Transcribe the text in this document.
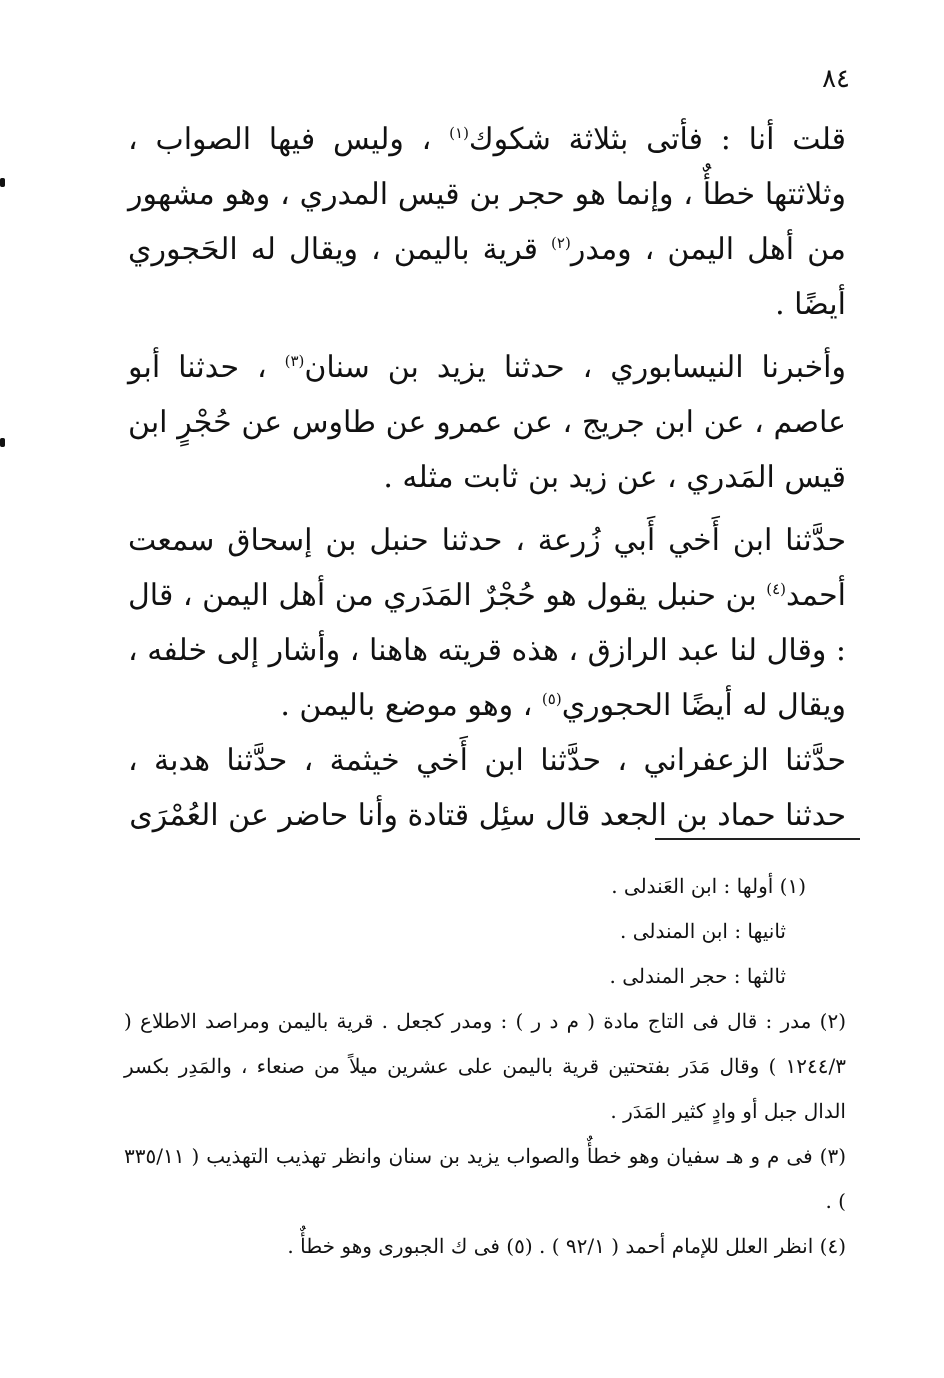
٨٤

قلت أنا : فأتى بثلاثة شكوك$^{(١)}$ ، وليس فيها الصواب ، وثلاثتها خطأٌ ، وإنما هو حجر بن قيس المدري ، وهو مشهور من أهل اليمن ، ومدر$^{(٢)}$ قرية باليمن ، ويقال له الحَجوري أيضًا .

وأخبرنا النيسابوري ، حدثنا يزيد بن سنان$^{(٣)}$ ، حدثنا أبو عاصم ، عن ابن جريج ، عن عمرو عن طاوس عن حُجْرٍ ابن قيس المَدري ، عن زيد بن ثابت مثله .

حدَّثنا ابن أَخي أَبي زُرعة ، حدثنا حنبل بن إسحاق سمعت أحمد$^{(٤)}$ بن حنبل يقول هو حُجْرٌ المَدَري من أهل اليمن ، قال : وقال لنا عبد الرازق ، هذه قريته هاهنا ، وأشار إلى خلفه ، ويقال له أيضًا الحجوري$^{(٥)}$ ، وهو موضع باليمن .

حدَّثنا الزعفراني ، حدَّثنا ابن أَخي خيثمة ، حدَّثنا هدبة ، حدثنا حماد بن الجعد قال سئِل قتادة وأنا حاضر عن العُمْرَى

(١) أولها : ابن العَندلى .

ثانيها : ابن المندلى .

ثالثها : حجر المندلى .

(٢) مدر : قال فى التاج مادة ( م د ر ) : ومدر كجعل . قرية باليمن ومراصد الاطلاع ( ١٢٤٤/٣ ) وقال مَدَر بفتحتين قرية باليمن على عشرين ميلاً من صنعاء ، والمَدِر بكسر الدال جبل أو وادٍ كثير المَدَر .

(٣) فى م و هـ سفيان وهو خطأٌ والصواب يزيد بن سنان وانظر تهذيب التهذيب ( ٣٣٥/١١ ) .

(٤) انظر العلل للإمام أحمد ( ٩٢/١ ) . (٥) فى ك الجبورى وهو خطأٌ .
